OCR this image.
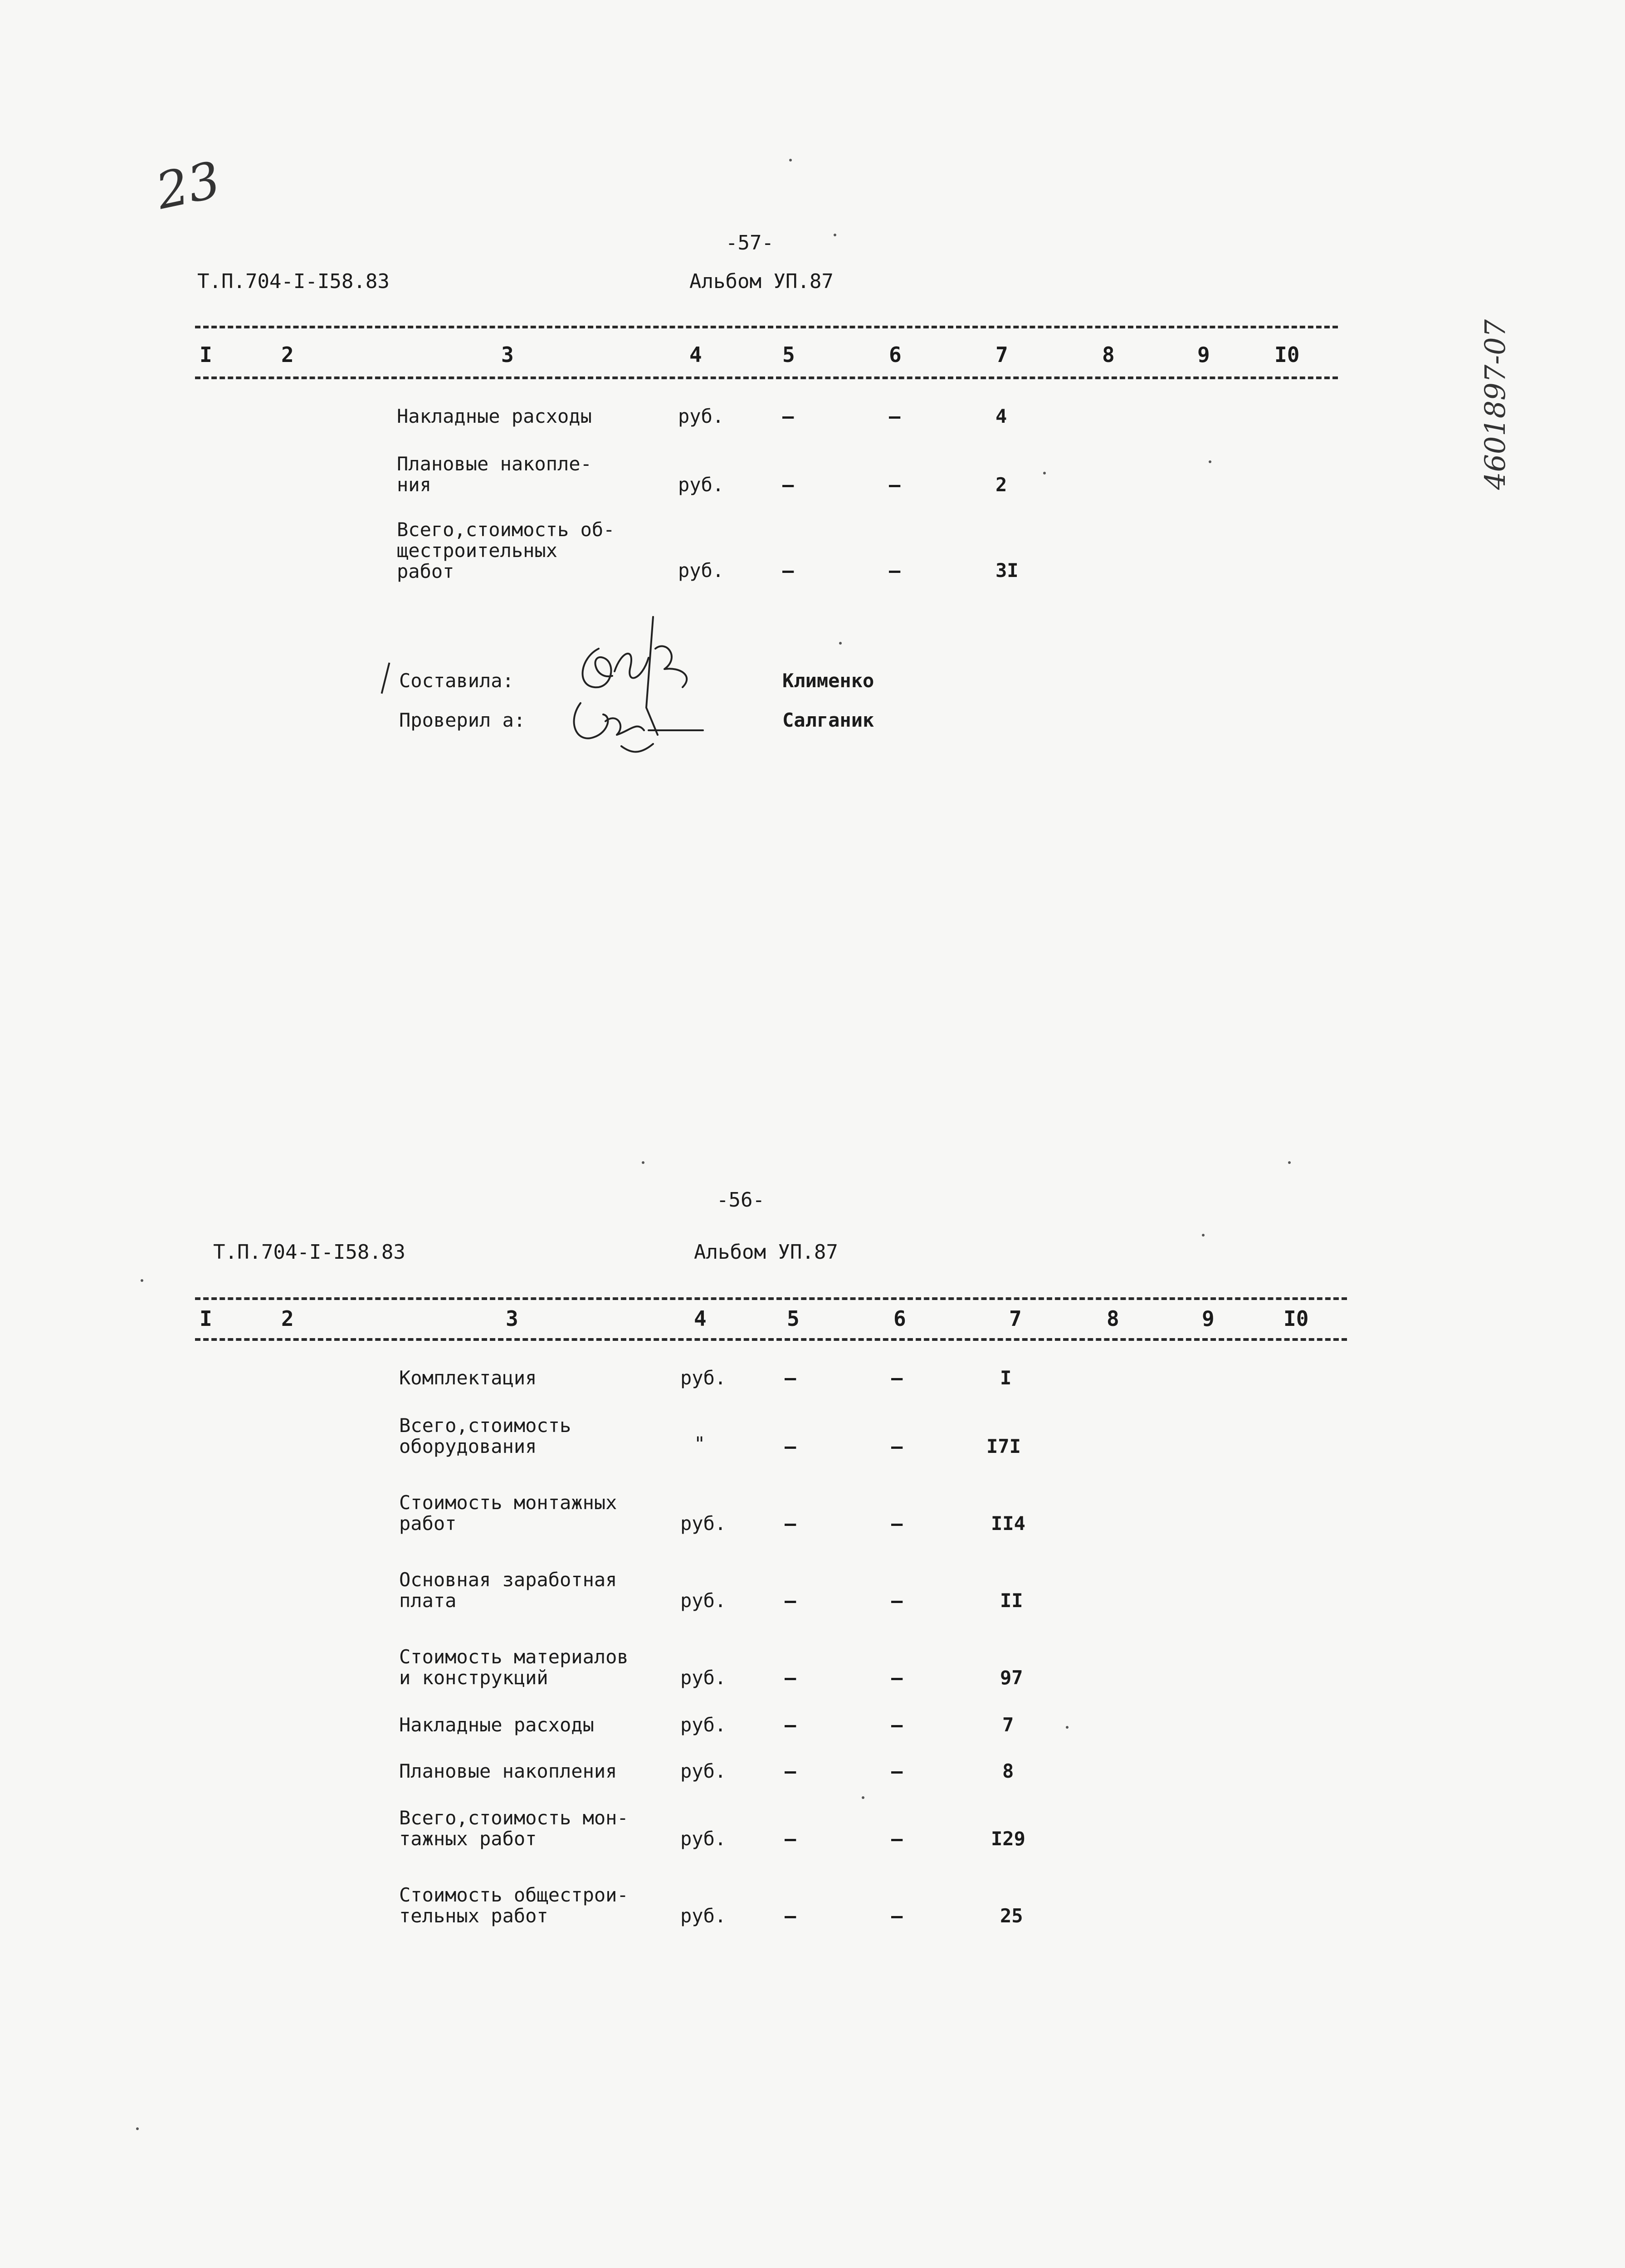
23
4601897-07
-57-
Т.П.704-I-I58.83	Альбом УП.87
I	2	3	4	5	6	7	8	9	I0
Накладные расходы	руб.	–	–	4
Плановые накопле-
ния	руб.	–	–	2
Всего,стоимость об-
щестроительных
работ	руб.	–	–	3I
Составила:
Проверил а:
Клименко
Салганик
-56-
Т.П.704-I-I58.83	Альбом УП.87
I	2	3	4	5	6	7	8	9	I0
Комплектация	руб.	–	–	I
Всего,стоимость
оборудования	"	–	–	I7I
Стоимость монтажных
работ	руб.	–	–	II4
Основная заработная
плата	руб.	–	–	II
Стоимость материалов
и конструкций	руб.	–	–	97
Накладные расходы	руб.	–	–	7
Плановые накопления	руб.	–	–	8
Всего,стоимость мон-
тажных работ	руб.	–	–	I29
Стоимость общестрои-
тельных работ	руб.	–	–	25
